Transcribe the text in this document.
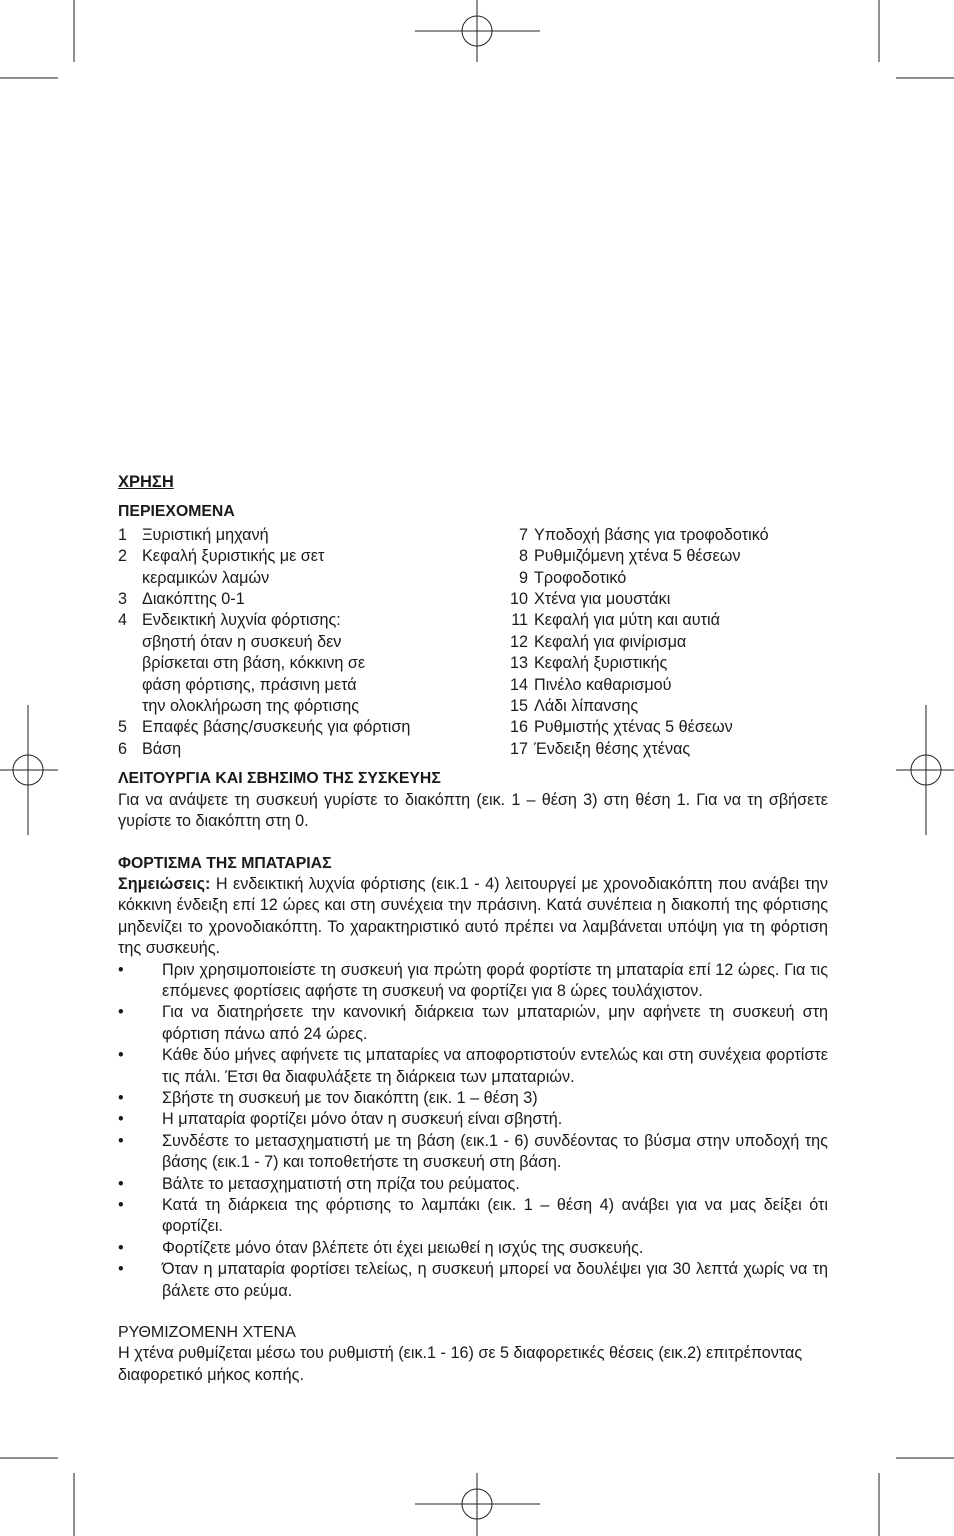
ΧΡΗΣΗ
ΠΕΡΙΕΧΟΜΕΝΑ
1 Ξυριστική μηχανή
2 Κεφαλή ξυριστικής με σετ
κεραμικών λαμών
3 Διακόπτης 0-1
4 Ενδεικτική λυχνία φόρτισης:
σβηστή όταν η συσκευή δεν
βρίσκεται στη βάση, κόκκινη σε
φάση φόρτισης, πράσινη μετά
την ολοκλήρωση της φόρτισης
5 Επαφές βάσης/συσκευής για φόρτιση
6 Βάση
7 Υποδοχή βάσης για τροφοδοτικό
8 Ρυθμιζόμενη χτένα 5 θέσεων
9 Τροφοδοτικό
10 Χτένα για μουστάκι
11 Κεφαλή για μύτη και αυτιά
12 Κεφαλή για φινίρισμα
13 Κεφαλή ξυριστικής
14 Πινέλο καθαρισμού
15 Λάδι λίπανσης
16 Ρυθμιστής χτένας 5 θέσεων
17 Ένδειξη θέσης χτένας
ΛΕΙΤΟΥΡΓΙΑ ΚΑΙ ΣΒΗΣΙΜΟ ΤΗΣ ΣΥΣΚΕΥΗΣ

Για να ανάψετε τη συσκευή γυρίστε το διακόπτη (εικ. 1 – θέση 3) στη θέση 1. Για να τη σβήσετε γυρίστε το διακόπτη στη 0.

ΦΟΡΤΙΣΜΑ ΤΗΣ ΜΠΑΤΑΡΙΑΣ

Σημειώσεις: Η ενδεικτική λυχνία φόρτισης (εικ.1 - 4) λειτουργεί με χρονοδιακόπτη που ανάβει την κόκκινη ένδειξη επί 12 ώρες και στη συνέχεια την πράσινη. Κατά συνέπεια η διακοπή της φόρτισης μηδενίζει το χρονοδιακόπτη. Το χαρακτηριστικό αυτό πρέπει να λαμβάνεται υπόψη για τη φόρτιση της συσκευής.

•	Πριν χρησιμοποιείστε τη συσκευή για πρώτη φορά φορτίστε τη μπαταρία επί 12 ώρες. Για τις επόμενες φορτίσεις αφήστε τη συσκευή να φορτίζει για 8 ώρες τουλάχιστον.
•	Για να διατηρήσετε την κανονική διάρκεια των μπαταριών, μην αφήνετε τη συσκευή στη φόρτιση πάνω από 24 ώρες.
•	Κάθε δύο μήνες αφήνετε τις μπαταρίες να αποφορτιστούν εντελώς και στη συνέχεια φορτίστε τις πάλι. Έτσι θα διαφυλάξετε τη διάρκεια των μπαταριών.
•	Σβήστε τη συσκευή με τον διακόπτη (εικ. 1 – θέση 3)
•	Η μπαταρία φορτίζει μόνο όταν η συσκευή είναι σβηστή.
•	Συνδέστε το μετασχηματιστή με τη βάση (εικ.1 - 6) συνδέοντας το βύσμα στην υποδοχή της βάσης (εικ.1 - 7) και τοποθετήστε τη συσκευή στη βάση.
•	Βάλτε το μετασχηματιστή στη πρίζα του ρεύματος.
•	Κατά τη διάρκεια της φόρτισης το λαμπάκι (εικ. 1 – θέση 4) ανάβει για να μας δείξει ότι φορτίζει.
•	Φορτίζετε μόνο όταν βλέπετε ότι έχει μειωθεί η ισχύς της συσκευής.
•	Όταν η μπαταρία φορτίσει τελείως, η συσκευή μπορεί να δουλέψει για 30 λεπτά χωρίς να τη βάλετε στο ρεύμα.
ΡΥΘΜΙΖΟΜΕΝΗ ΧΤΕΝΑ

Η χτένα ρυθμίζεται μέσω του ρυθμιστή (εικ.1 - 16) σε 5 διαφορετικές θέσεις (εικ.2) επιτρέποντας διαφορετικό μήκος κοπής.
